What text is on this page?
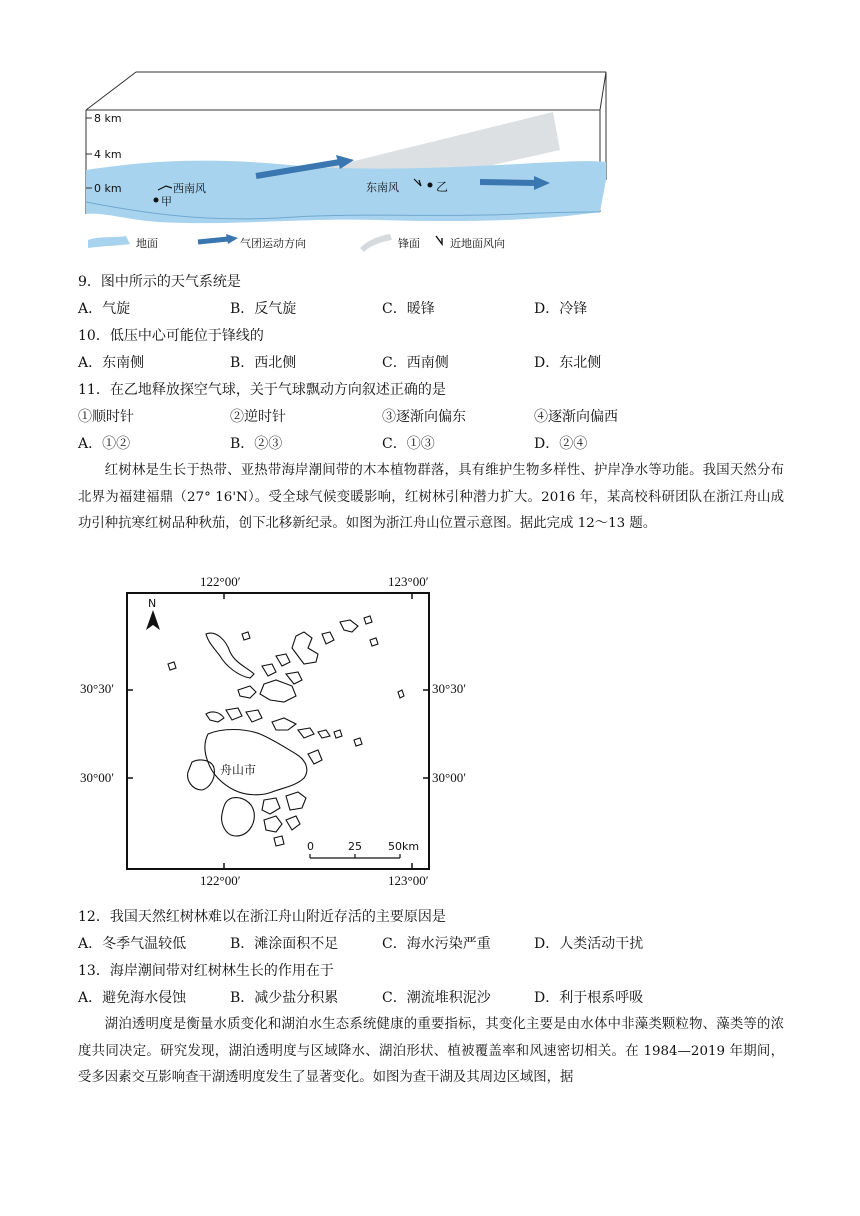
8 km
4 km
0 km	西南风
甲
东南风	乙
地面	气团运动方向	锋面	近地面风向
9．图中所示的天气系统是
A．气旋	B．反气旋	C．暖锋	D．冷锋
10．低压中心可能位于锋线的
A．东南侧	B．西北侧	C．西南侧	D．东北侧
11．在乙地释放探空气球，关于气球飘动方向叙述正确的是
①顺时针	②逆时针	③逐渐向偏东	④逐渐向偏西
A．①②	B．②③	C．①③	D．②④
红树林是生长于热带、亚热带海岸潮间带的木本植物群落，具有维护生物多样性、护岸净水等功能。我国天然分布北界为福建福鼎（27° 16'N）。受全球气候变暖影响，红树林引种潜力扩大。2016 年，某高校科研团队在浙江舟山成功引种抗寒红树品种秋茄，创下北移新纪录。如图为浙江舟山位置示意图。据此完成 12～13 题。
122°00′	123°00′
30°30′	30°30′
30°00′	30°00′
122°00′	123°00′
N
舟山市
0	25 50km
12．我国天然红树林难以在浙江舟山附近存活的主要原因是
A．冬季气温较低	B．滩涂面积不足	C．海水污染严重	D．人类活动干扰
13．海岸潮间带对红树林生长的作用在于
A．避免海水侵蚀	B．减少盐分积累	C．潮流堆积泥沙	D．利于根系呼吸
湖泊透明度是衡量水质变化和湖泊水生态系统健康的重要指标，其变化主要是由水体中非藻类颗粒物、藻类等的浓度共同决定。研究发现，湖泊透明度与区域降水、湖泊形状、植被覆盖率和风速密切相关。在 1984—2019 年期间，受多因素交互影响查干湖透明度发生了显著变化。如图为查干湖及其周边区域图，据
